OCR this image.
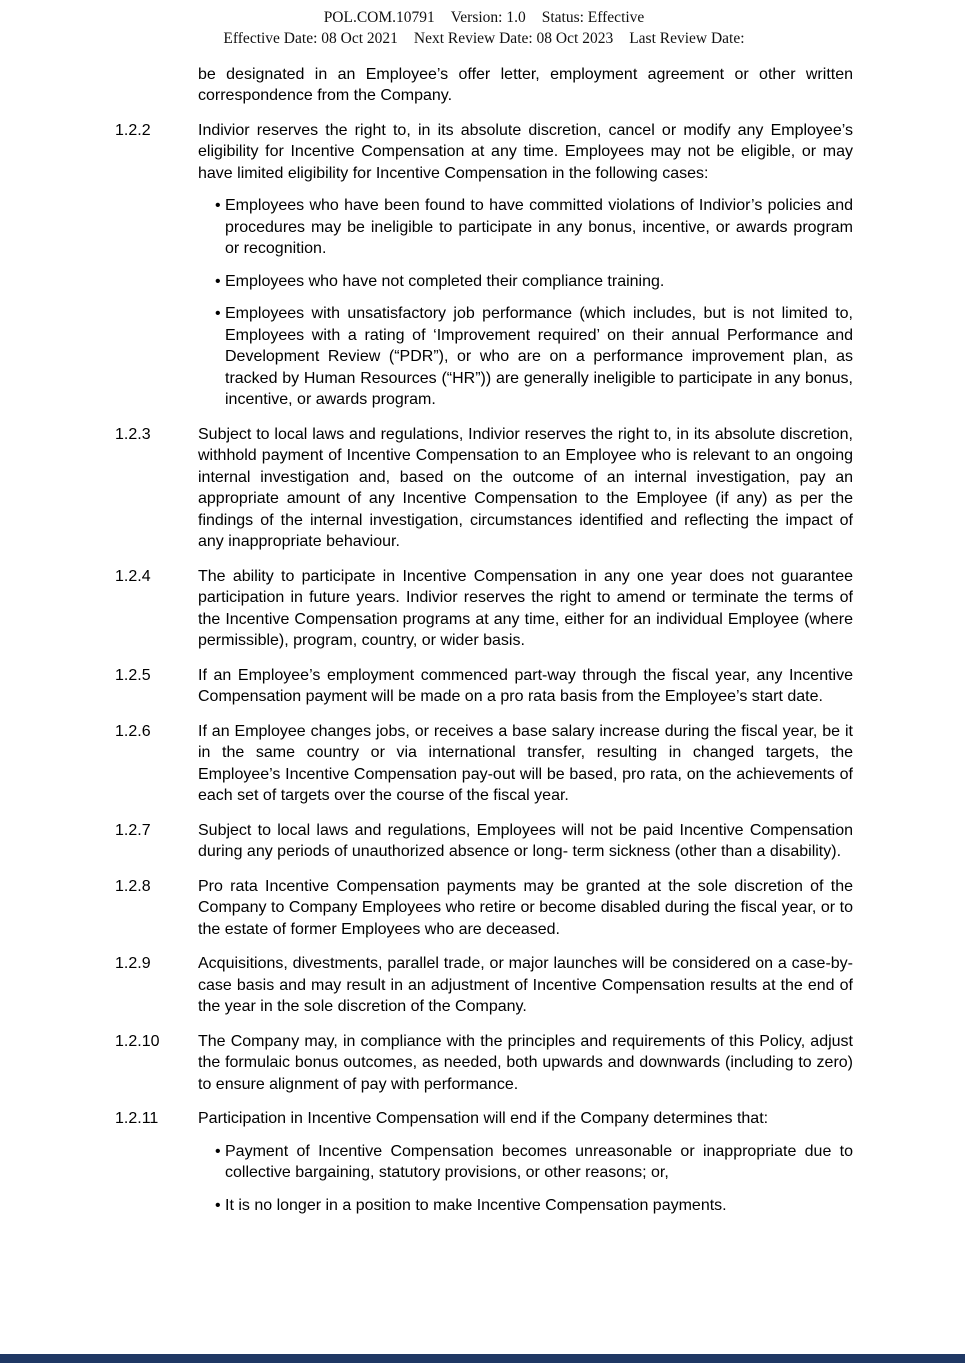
POL.COM.10791 Version: 1.0 Status: Effective
Effective Date: 08 Oct 2021 Next Review Date: 08 Oct 2023 Last Review Date:

be designated in an Employee’s offer letter, employment agreement or other written correspondence from the Company.

1.2.2	Indivior reserves the right to, in its absolute discretion, cancel or modify any Employee’s eligibility for Incentive Compensation at any time. Employees may not be eligible, or may have limited eligibility for Incentive Compensation in the following cases:

• Employees who have been found to have committed violations of Indivior’s policies and procedures may be ineligible to participate in any bonus, incentive, or awards program or recognition.
• Employees who have not completed their compliance training.
• Employees with unsatisfactory job performance (which includes, but is not limited to, Employees with a rating of ‘Improvement required’ on their annual Performance and Development Review (“PDR”), or who are on a performance improvement plan, as tracked by Human Resources (“HR”)) are generally ineligible to participate in any bonus, incentive, or awards program.
1.2.3	Subject to local laws and regulations, Indivior reserves the right to, in its absolute discretion, withhold payment of Incentive Compensation to an Employee who is relevant to an ongoing internal investigation and, based on the outcome of an internal investigation, pay an appropriate amount of any Incentive Compensation to the Employee (if any) as per the findings of the internal investigation, circumstances identified and reflecting the impact of any inappropriate behaviour.

1.2.4	The ability to participate in Incentive Compensation in any one year does not guarantee participation in future years. Indivior reserves the right to amend or terminate the terms of the Incentive Compensation programs at any time, either for an individual Employee (where permissible), program, country, or wider basis.

1.2.5	If an Employee’s employment commenced part-way through the fiscal year, any Incentive Compensation payment will be made on a pro rata basis from the Employee’s start date.

1.2.6	If an Employee changes jobs, or receives a base salary increase during the fiscal year, be it in the same country or via international transfer, resulting in changed targets, the Employee’s Incentive Compensation pay-out will be based, pro rata, on the achievements of each set of targets over the course of the fiscal year.

1.2.7	Subject to local laws and regulations, Employees will not be paid Incentive Compensation during any periods of unauthorized absence or long- term sickness (other than a disability).

1.2.8	Pro rata Incentive Compensation payments may be granted at the sole discretion of the Company to Company Employees who retire or become disabled during the fiscal year, or to the estate of former Employees who are deceased.

1.2.9	Acquisitions, divestments, parallel trade, or major launches will be considered on a case-by-case basis and may result in an adjustment of Incentive Compensation results at the end of the year in the sole discretion of the Company.

1.2.10	The Company may, in compliance with the principles and requirements of this Policy, adjust the formulaic bonus outcomes, as needed, both upwards and downwards (including to zero) to ensure alignment of pay with performance.

1.2.11	Participation in Incentive Compensation will end if the Company determines that:

• Payment of Incentive Compensation becomes unreasonable or inappropriate due to collective bargaining, statutory provisions, or other reasons; or,
• It is no longer in a position to make Incentive Compensation payments.
